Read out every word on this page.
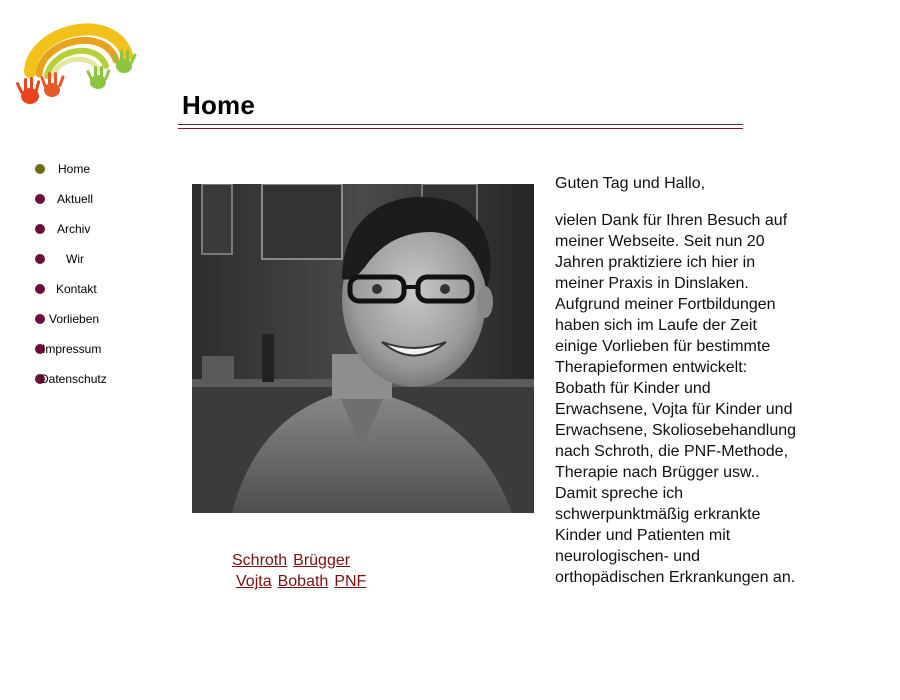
Home
Home
Aktuell
Archiv
Wir
Kontakt
Vorlieben
Impressum
Datenschutz
Schroth Brügger
Vojta Bobath PNF

Guten Tag und Hallo,

vielen Dank für Ihren Besuch auf meiner Webseite. Seit nun 20 Jahren praktiziere ich hier in meiner Praxis in Dinslaken. Aufgrund meiner Fortbildungen haben sich im Laufe der Zeit einige Vorlieben für bestimmte Therapieformen entwickelt: Bobath für Kinder und Erwachsene, Vojta für Kinder und Erwachsene, Skoliosebehandlung nach Schroth, die PNF-Methode, Therapie nach Brügger usw.. Damit spreche ich schwerpunktmäßig erkrankte Kinder und Patienten mit neurologischen- und orthopädischen Erkrankungen an.
